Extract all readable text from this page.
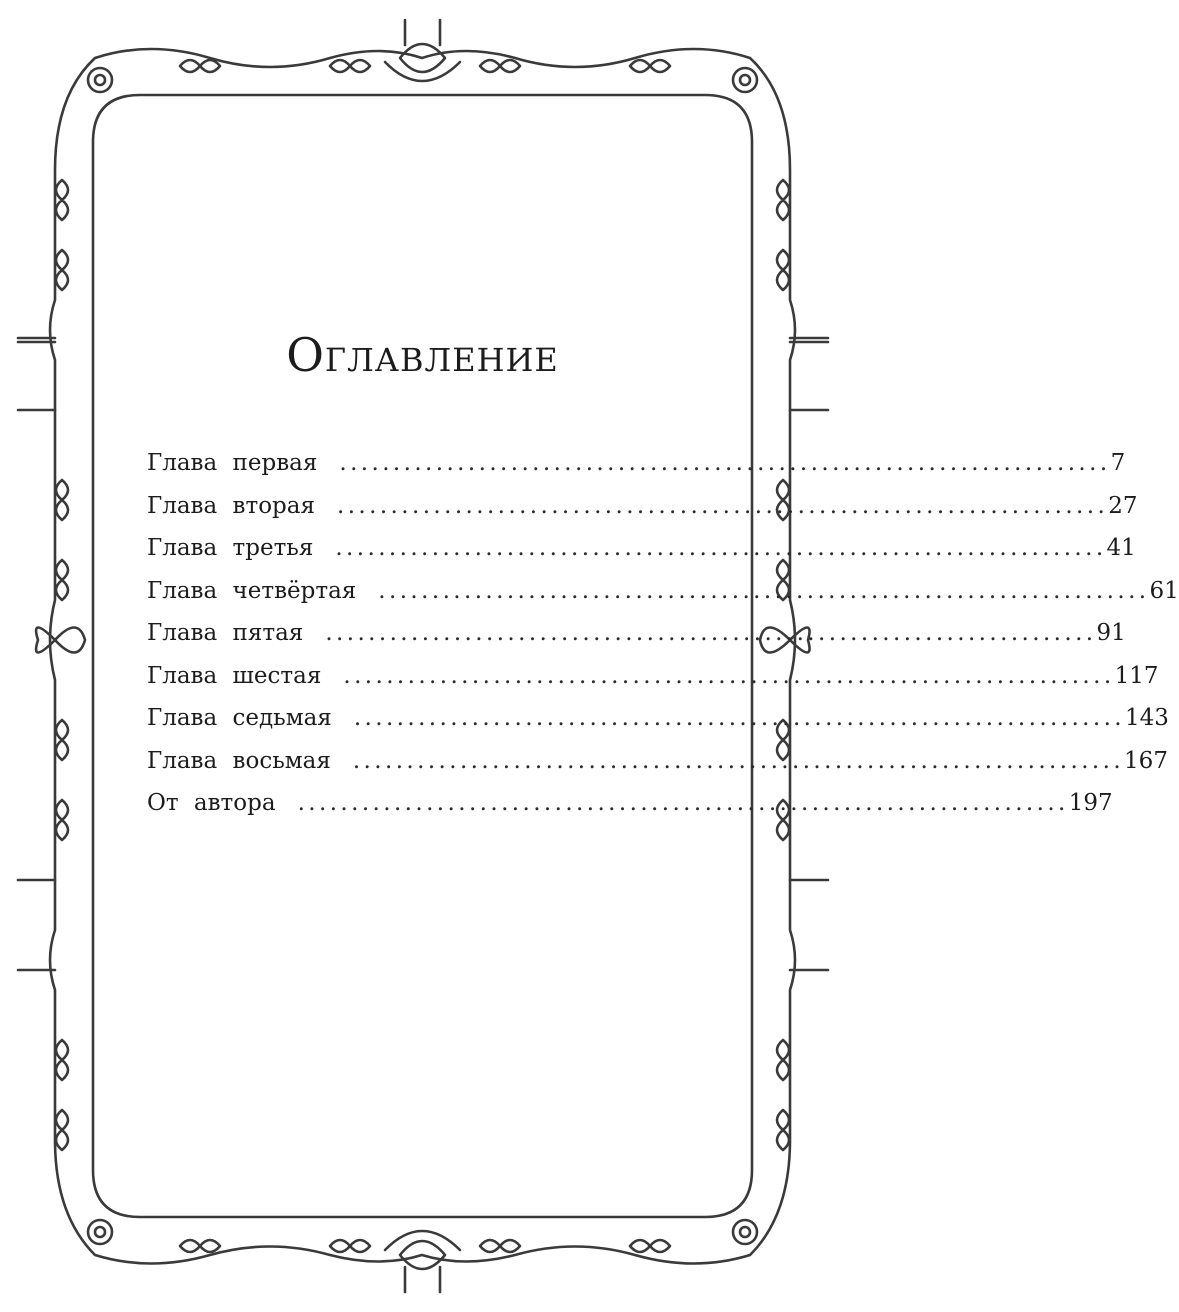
Оглавление
Глава первая ........................................................................ 7
Глава вторая ........................................................................ 27
Глава третья ........................................................................ 41
Глава четвёртая ........................................................................ 61
Глава пятая ........................................................................ 91
Глава шестая ........................................................................ 117
Глава седьмая ........................................................................ 143
Глава восьмая ........................................................................ 167
От автора ........................................................................ 197
